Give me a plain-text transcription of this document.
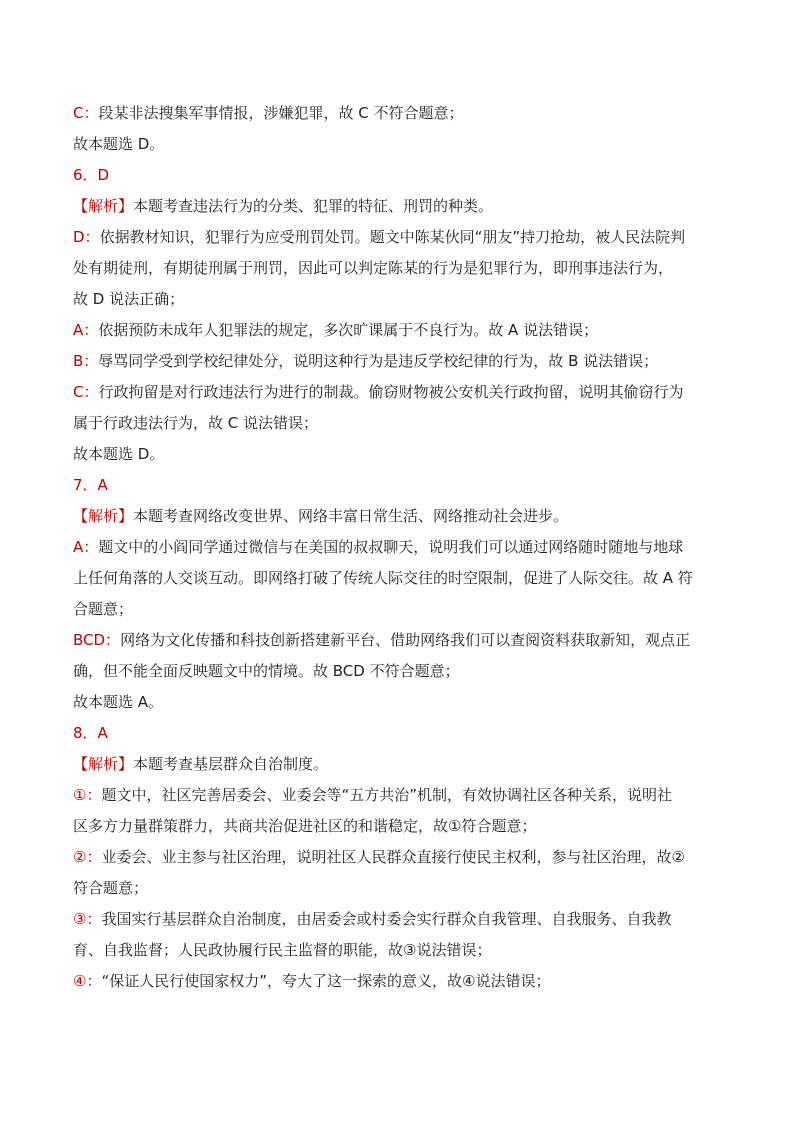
C：段某非法搜集军事情报，涉嫌犯罪，故 C 不符合题意；
故本题选 D。
6．D
【解析】本题考查违法行为的分类、犯罪的特征、刑罚的种类。
D：依据教材知识，犯罪行为应受刑罚处罚。题文中陈某伙同“朋友”持刀抢劫，被人民法院判
处有期徒刑，有期徒刑属于刑罚，因此可以判定陈某的行为是犯罪行为，即刑事违法行为，
故 D 说法正确；
A：依据预防未成年人犯罪法的规定，多次旷课属于不良行为。故 A 说法错误；
B：辱骂同学受到学校纪律处分，说明这种行为是违反学校纪律的行为，故 B 说法错误；
C：行政拘留是对行政违法行为进行的制裁。偷窃财物被公安机关行政拘留，说明其偷窃行为
属于行政违法行为，故 C 说法错误；
故本题选 D。
7．A
【解析】本题考查网络改变世界、网络丰富日常生活、网络推动社会进步。
A：题文中的小阎同学通过微信与在美国的叔叔聊天，说明我们可以通过网络随时随地与地球
上任何角落的人交谈互动。即网络打破了传统人际交往的时空限制，促进了人际交往。故 A 符
合题意；
BCD：网络为文化传播和科技创新搭建新平台、借助网络我们可以查阅资料获取新知，观点正
确，但不能全面反映题文中的情境。故 BCD 不符合题意；
故本题选 A。
8．A
【解析】本题考查基层群众自治制度。
①：题文中，社区完善居委会、业委会等“五方共治”机制，有效协调社区各种关系，说明社
区多方力量群策群力，共商共治促进社区的和谐稳定，故①符合题意；
②：业委会、业主参与社区治理，说明社区人民群众直接行使民主权利，参与社区治理，故②
符合题意；
③：我国实行基层群众自治制度，由居委会或村委会实行群众自我管理、自我服务、自我教
育、自我监督；人民政协履行民主监督的职能，故③说法错误；
④：“保证人民行使国家权力”，夸大了这一探索的意义，故④说法错误；
